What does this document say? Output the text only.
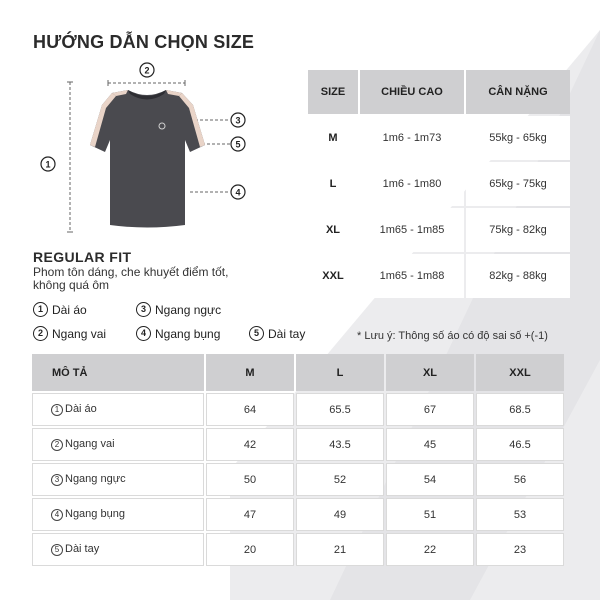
HƯỚNG DẪN CHỌN SIZE
2
3
5
1
4
REGULAR FIT
Phom tôn dáng, che khuyết điểm tốt, không quá ôm
1 Dài áo	3 Ngang ngực
2 Ngang vai	4 Ngang bụng	5 Dài tay
SIZE	CHIỀU CAO	CÂN NẶNG
M	1m6 - 1m73	55kg - 65kg
L	1m6 - 1m80	65kg - 75kg
XL	1m65 - 1m85	75kg - 82kg
XXL	1m65 - 1m88	82kg - 88kg
* Lưu ý: Thông số áo có độ sai số +(-1)
MÔ TẢ	M	L	XL	XXL
1 Dài áo	64	65.5	67	68.5
2 Ngang vai	42	43.5	45	46.5
3 Ngang ngực	50	52	54	56
4 Ngang bụng	47	49	51	53
5 Dài tay	20	21	22	23
